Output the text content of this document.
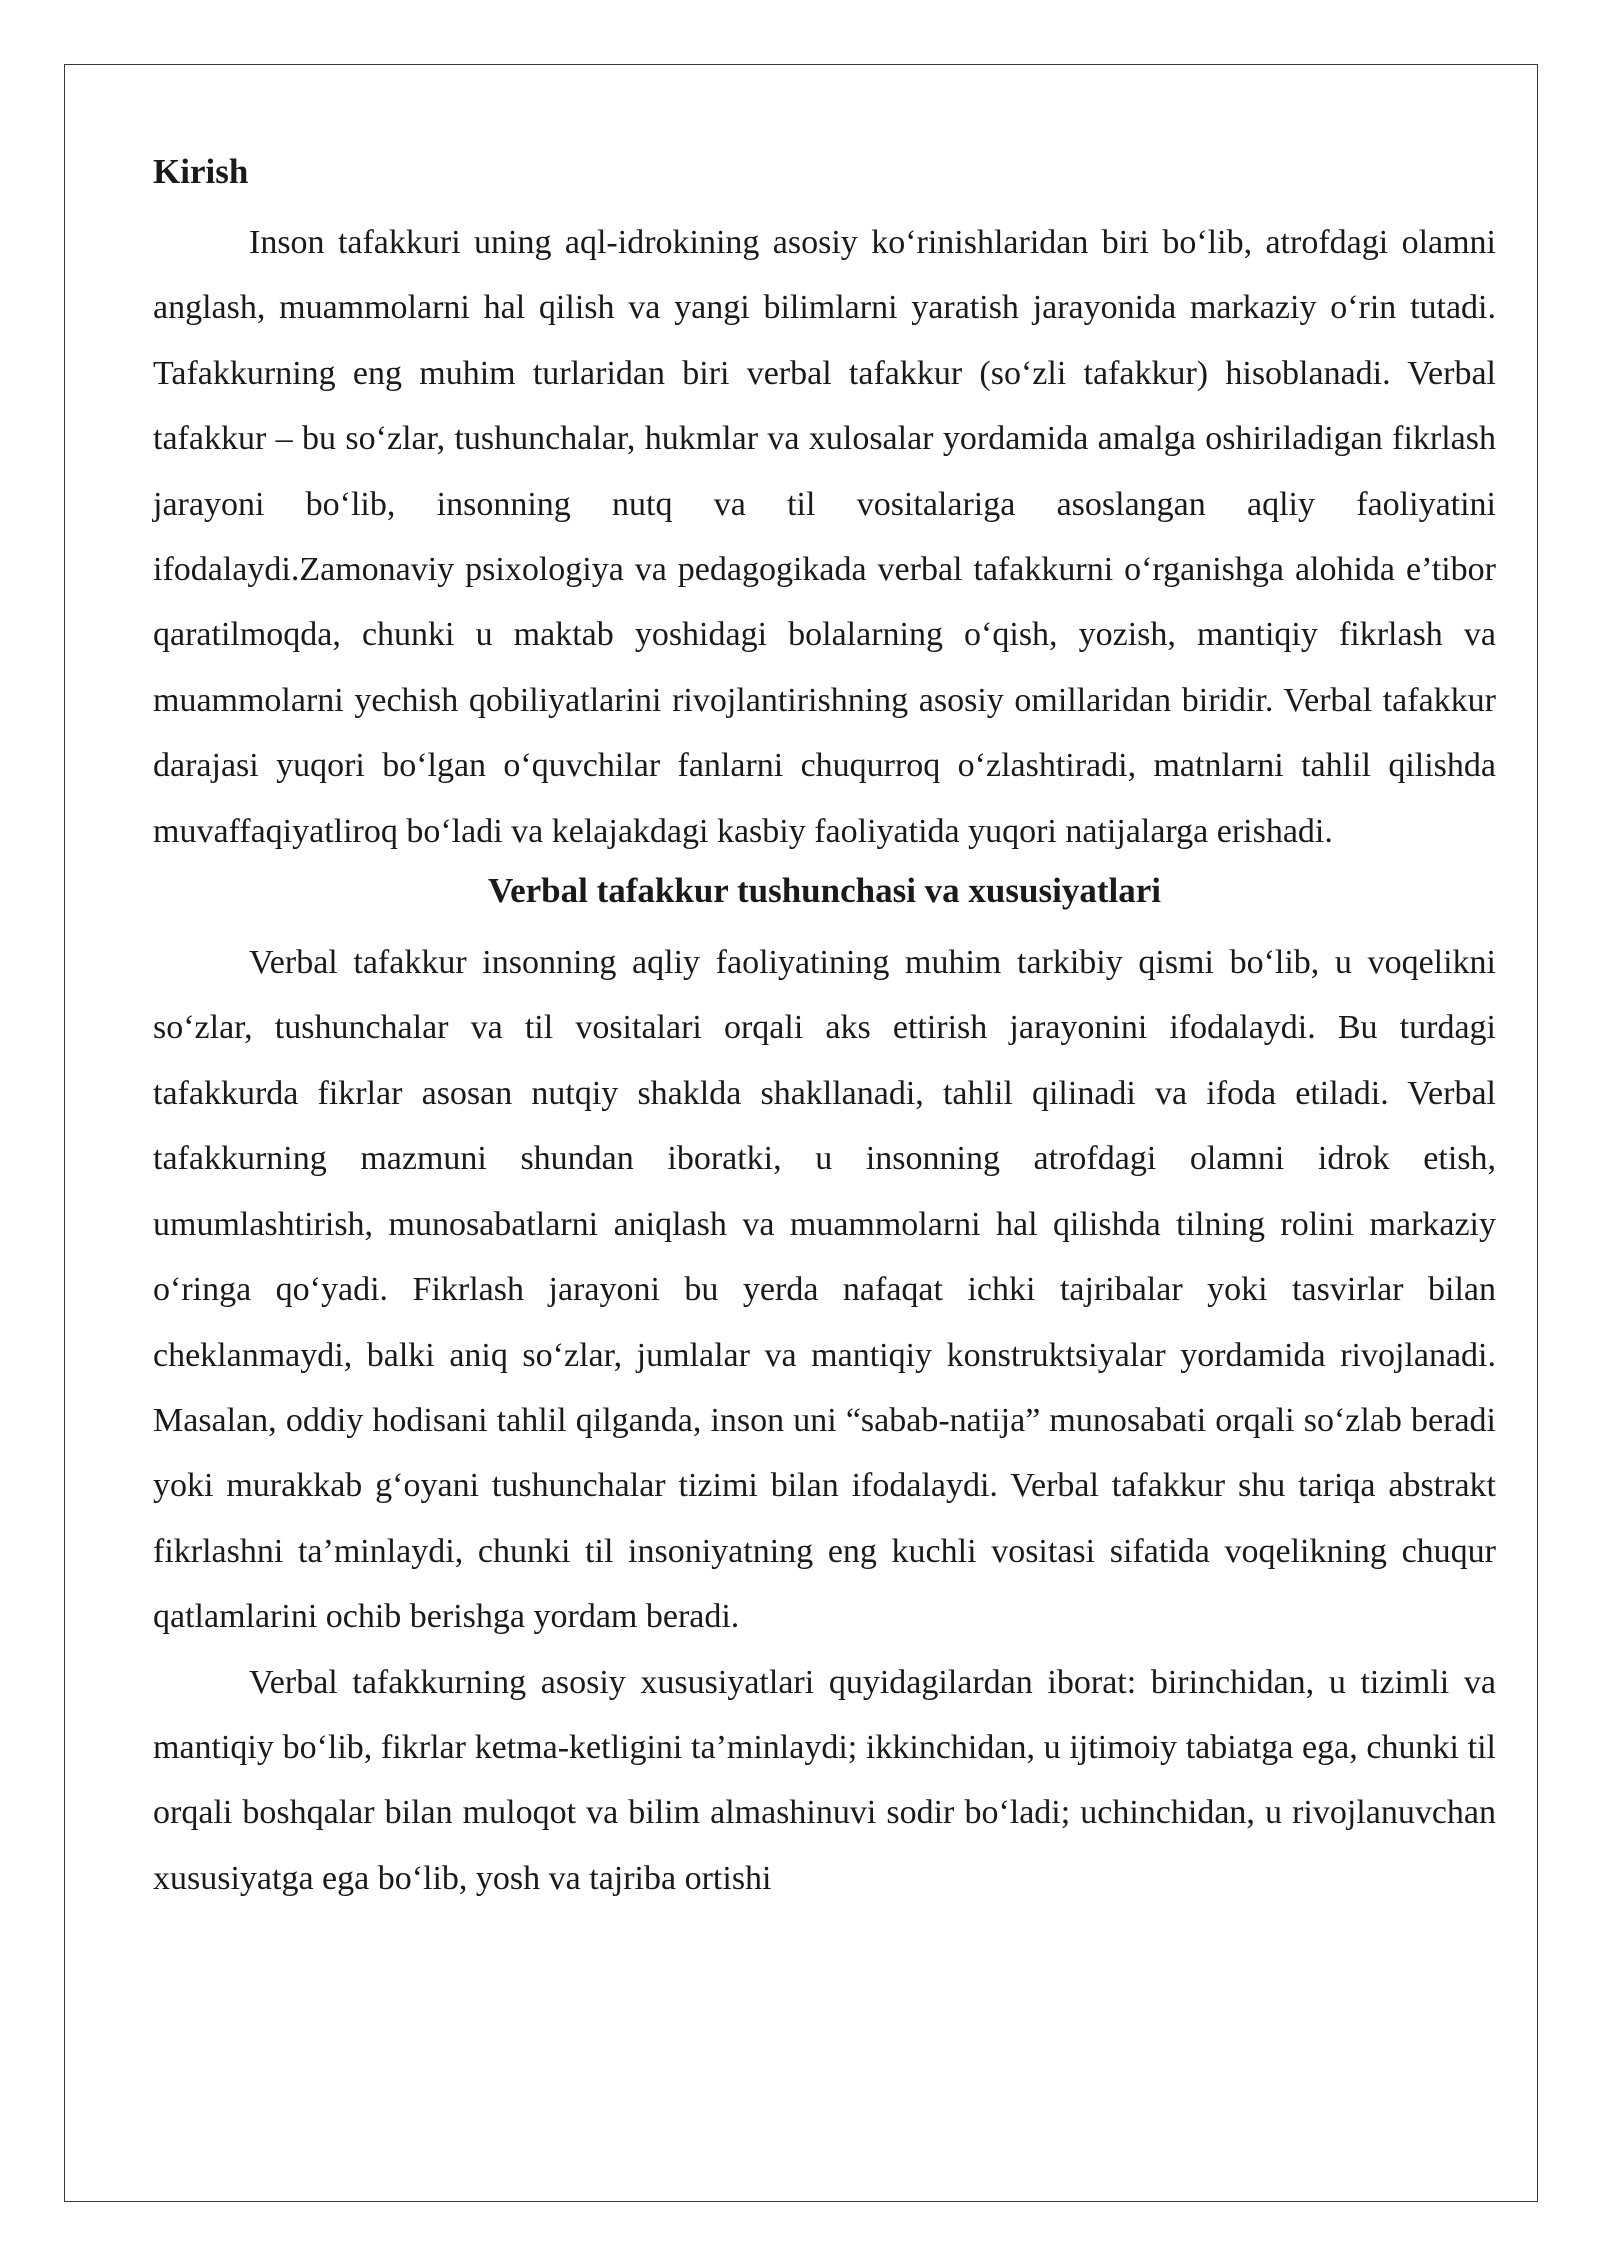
Kirish

Inson tafakkuri uning aql-idrokining asosiy ko‘rinishlaridan biri bo‘lib, atrofdagi olamni anglash, muammolarni hal qilish va yangi bilimlarni yaratish jarayonida markaziy o‘rin tutadi. Tafakkurning eng muhim turlaridan biri verbal tafakkur (so‘zli tafakkur) hisoblanadi. Verbal tafakkur – bu so‘zlar, tushunchalar, hukmlar va xulosalar yordamida amalga oshiriladigan fikrlash jarayoni bo‘lib, insonning nutq va til vositalariga asoslangan aqliy faoliyatini ifodalaydi.Zamonaviy psixologiya va pedagogikada verbal tafakkurni o‘rganishga alohida e’tibor qaratilmoqda, chunki u maktab yoshidagi bolalarning o‘qish, yozish, mantiqiy fikrlash va muammolarni yechish qobiliyatlarini rivojlantirishning asosiy omillaridan biridir. Verbal tafakkur darajasi yuqori bo‘lgan o‘quvchilar fanlarni chuqurroq o‘zlashtiradi, matnlarni tahlil qilishda muvaffaqiyatliroq bo‘ladi va kelajakdagi kasbiy faoliyatida yuqori natijalarga erishadi.

Verbal tafakkur tushunchasi va xususiyatlari

Verbal tafakkur insonning aqliy faoliyatining muhim tarkibiy qismi bo‘lib, u voqelikni so‘zlar, tushunchalar va til vositalari orqali aks ettirish jarayonini ifodalaydi. Bu turdagi tafakkurda fikrlar asosan nutqiy shaklda shakllanadi, tahlil qilinadi va ifoda etiladi. Verbal tafakkurning mazmuni shundan iboratki, u insonning atrofdagi olamni idrok etish, umumlashtirish, munosabatlarni aniqlash va muammolarni hal qilishda tilning rolini markaziy o‘ringa qo‘yadi. Fikrlash jarayoni bu yerda nafaqat ichki tajribalar yoki tasvirlar bilan cheklanmaydi, balki aniq so‘zlar, jumlalar va mantiqiy konstruktsiyalar yordamida rivojlanadi. Masalan, oddiy hodisani tahlil qilganda, inson uni “sabab-natija” munosabati orqali so‘zlab beradi yoki murakkab g‘oyani tushunchalar tizimi bilan ifodalaydi. Verbal tafakkur shu tariqa abstrakt fikrlashni ta’minlaydi, chunki til insoniyatning eng kuchli vositasi sifatida voqelikning chuqur qatlamlarini ochib berishga yordam beradi.

Verbal tafakkurning asosiy xususiyatlari quyidagilardan iborat: birinchidan, u tizimli va mantiqiy bo‘lib, fikrlar ketma-ketligini ta’minlaydi; ikkinchidan, u ijtimoiy tabiatga ega, chunki til orqali boshqalar bilan muloqot va bilim almashinuvi sodir bo‘ladi; uchinchidan, u rivojlanuvchan xususiyatga ega bo‘lib, yosh va tajriba ortishi
